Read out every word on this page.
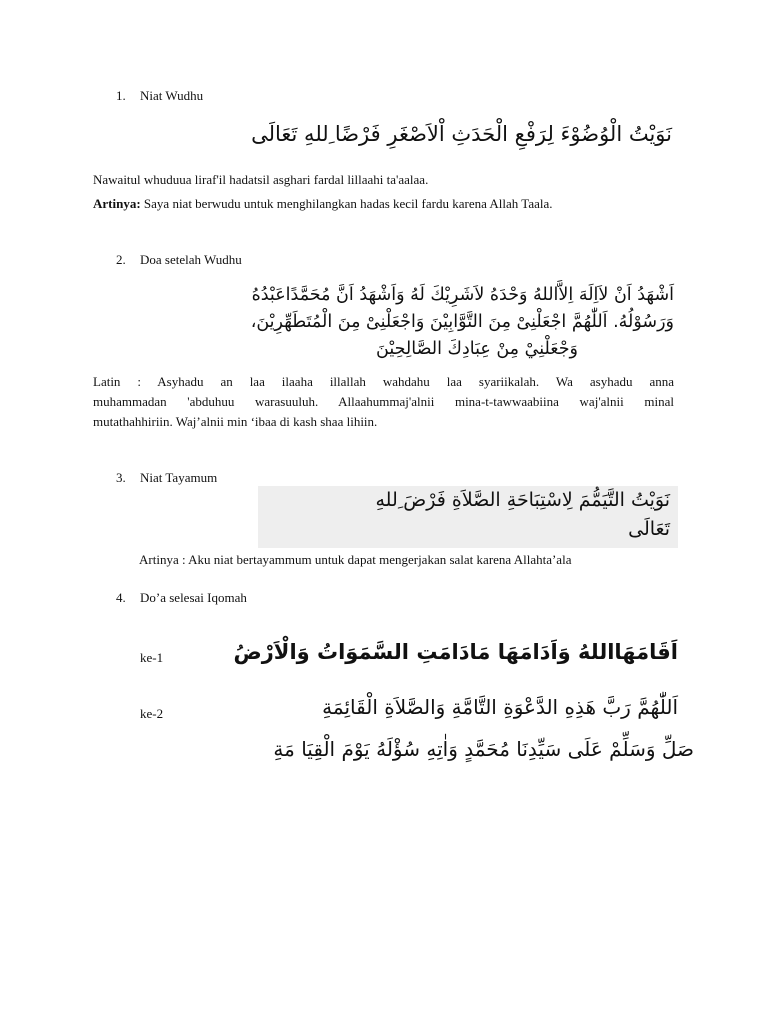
1. Niat Wudhu
نَوَيْتُ الْوُضُوْءَ لِرَفْعِ الْحَدَثِ اْلاَصْغَرِ فَرْضًا ِللهِ تَعَالَى
Nawaitul whuduua liraf'il hadatsil asghari fardal lillaahi ta'aalaa.
Artinya: Saya niat berwudu untuk menghilangkan hadas kecil fardu karena Allah Taala.
2. Doa setelah Wudhu
اَشْهَدُ اَنْ لاَاِلَهَ اِلاَّاللهُ وَحْدَهُ لاَشَرِيْكَ لَهُ وَاَشْهَدُ اَنَّ مُحَمَّدًاعَبْدُهُ
وَرَسُوْلُهُ. اَللّٰهُمَّ اجْعَلْنِىْ مِنَ التَّوَّابِيْنَ وَاجْعَلْنِىْ مِنَ الْمُتَطَهِّرِيْنَ،
وَجْعَلْنِيْ مِنْ عِبَادِكَ الصَّالِحِيْنَ
Latin : Asyhadu an laa ilaaha illallah wahdahu laa syariikalah. Wa asyhadu anna
muhammadan 'abduhuu warasuuluh. Allaahummaj'alnii mina-t-tawwaabiina waj'alnii minal
mutathahhiriin. Waj’alnii min ‘ibaa di kash shaa lihiin.
3. Niat Tayamum
نَوَيْتُ التَّيَمُّمَ لِاسْتِبَاحَةِ الصَّلاَةِ فَرْضَ ِللهِ
تَعَالَى
Artinya : Aku niat bertayammum untuk dapat mengerjakan salat karena Allahta’ala
4. Do’a selesai Iqomah
ke-1	اَقَامَهَااللهُ وَاَدَامَهَا مَادَامَتِ السَّمَوَاتُ وَالْاَرْضُ
ke-2	اَللّٰهُمَّ رَبَّ هَذِهِ الدَّعْوَةِ التَّامَّةِ وَالصَّلاَةِ الْقَائِمَةِ
صَلِّ وَسَلِّمْ عَلَى سَيِّدِنَا مُحَمَّدٍ وَاٰتِهِ سُؤْلَهُ يَوْمَ الْقِيَا مَةِ
